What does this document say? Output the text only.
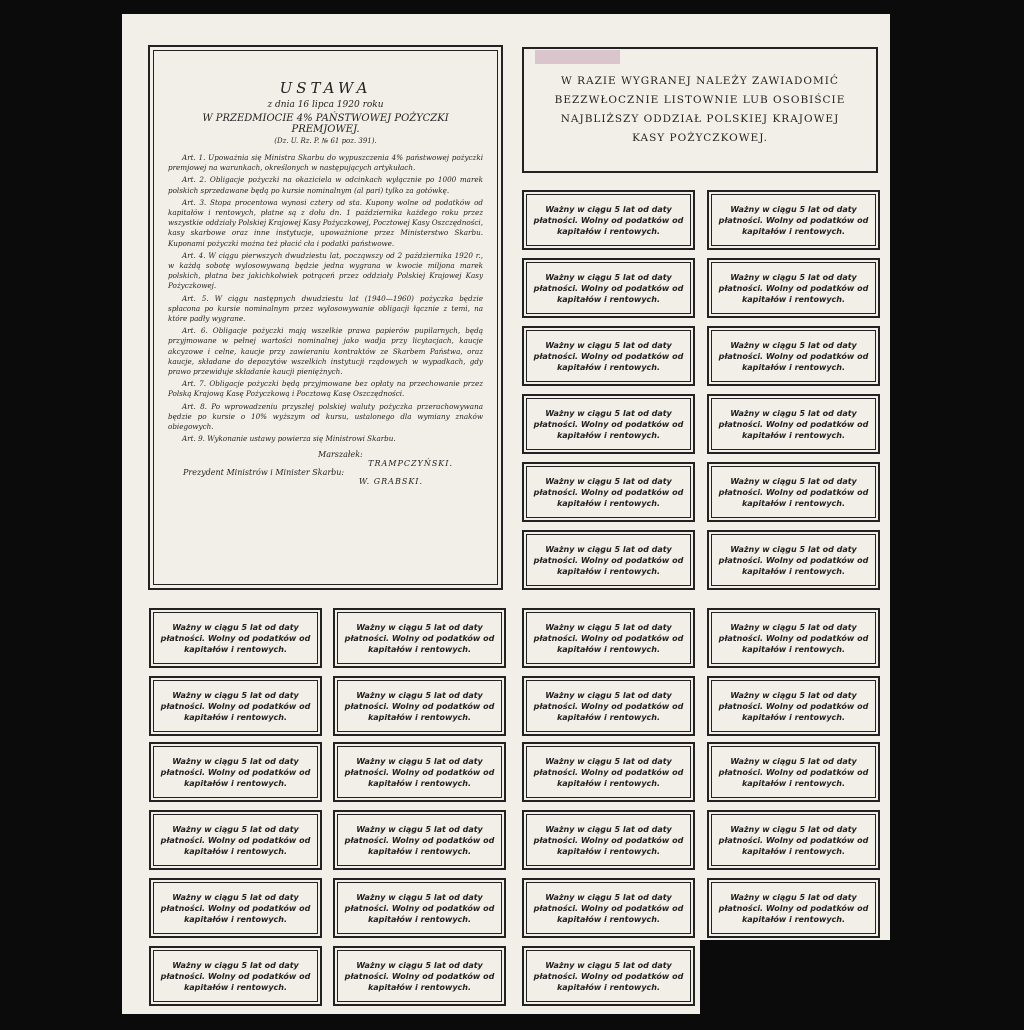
USTAWA
z dnia 16 lipca 1920 roku
W PRZEDMIOCIE 4% PAŃSTWOWEJ POŻYCZKI PREMJOWEJ.
(Dz. U. Rz. P. № 61 poz. 391).

Art. 1. Upoważnia się Ministra Skarbu do wypuszczenia 4% państwowej pożyczki premjowej na warunkach, określonych w następujących artykułach.

Art. 2. Obligacje pożyczki na okaziciela w odcinkach wyłącznie po 1000 marek polskich sprzedawane będą po kursie nominalnym (al pari) tylko za gotówkę.

Art. 3. Stopa procentowa wynosi cztery od sta. Kupony wolne od podatków od kapitałów i rentowych, płatne są z dołu dn. 1 października każdego roku przez wszystkie oddziały Polskiej Krajowej Kasy Pożyczkowej, Pocztowej Kasy Oszczędności, kasy skarbowe oraz inne instytucje, upoważnione przez Ministerstwo Skarbu. Kuponami pożyczki można też płacić cła i podatki państwowe.

Art. 4. W ciągu pierwszych dwudziestu lat, począwszy od 2 października 1920 r., w każdą sobotę wylosowywaną będzie jedna wygrana w kwocie miljona marek polskich, płatna bez jakichkolwiek potrąceń przez oddziały Polskiej Krajowej Kasy Pożyczkowej.

Art. 5. W ciągu następnych dwudziestu lat (1940—1960) pożyczka będzie spłacona po kursie nominalnym przez wylosowywanie obligacji łącznie z temi, na które padły wygrane.

Art. 6. Obligacje pożyczki mają wszelkie prawa papierów pupilarnych, będą przyjmowane w pełnej wartości nominalnej jako wadja przy licytacjach, kaucje akcyzowe i celne, kaucje przy zawieraniu kontraktów ze Skarbem Państwa, oraz kaucje, składane do depozytów wszelkich instytucji rządowych w wypadkach, gdy prawo przewiduje składanie kaucji pieniężnych.

Art. 7. Obligacje pożyczki będą przyjmowane bez opłaty na przechowanie przez Polską Krajową Kasę Pożyczkową i Pocztową Kasę Oszczędności.

Art. 8. Po wprowadzeniu przyszłej polskiej waluty pożyczka przerachowywana będzie po kursie o 10% wyższym od kursu, ustalonego dla wymiany znaków obiegowych.

Art. 9. Wykonanie ustawy powierza się Ministrowi Skarbu.

Marszałek:
TRAMPCZYŃSKI.
Prezydent Ministrów i Minister Skarbu:
W. GRABSKI.
W RAZIE WYGRANEJ NALEŻY ZAWIADOMIĆ
BEZZWŁOCZNIE LISTOWNIE LUB OSOBIŚCIE
NAJBLIŻSZY ODDZIAŁ POLSKIEJ KRAJOWEJ
KASY POŻYCZKOWEJ.
Ważny w ciągu 5 lat od daty płatności. Wolny od podatków od kapitałów i rentowych.
Ważny w ciągu 5 lat od daty płatności. Wolny od podatków od kapitałów i rentowych.
Ważny w ciągu 5 lat od daty płatności. Wolny od podatków od kapitałów i rentowych.
Ważny w ciągu 5 lat od daty płatności. Wolny od podatków od kapitałów i rentowych.
Ważny w ciągu 5 lat od daty płatności. Wolny od podatków od kapitałów i rentowych.
Ważny w ciągu 5 lat od daty płatności. Wolny od podatków od kapitałów i rentowych.
Ważny w ciągu 5 lat od daty płatności. Wolny od podatków od kapitałów i rentowych.
Ważny w ciągu 5 lat od daty płatności. Wolny od podatków od kapitałów i rentowych.
Ważny w ciągu 5 lat od daty płatności. Wolny od podatków od kapitałów i rentowych.
Ważny w ciągu 5 lat od daty płatności. Wolny od podatków od kapitałów i rentowych.
Ważny w ciągu 5 lat od daty płatności. Wolny od podatków od kapitałów i rentowych.
Ważny w ciągu 5 lat od daty płatności. Wolny od podatków od kapitałów i rentowych.
Ważny w ciągu 5 lat od daty płatności. Wolny od podatków od kapitałów i rentowych.
Ważny w ciągu 5 lat od daty płatności. Wolny od podatków od kapitałów i rentowych.
Ważny w ciągu 5 lat od daty płatności. Wolny od podatków od kapitałów i rentowych.
Ważny w ciągu 5 lat od daty płatności. Wolny od podatków od kapitałów i rentowych.
Ważny w ciągu 5 lat od daty płatności. Wolny od podatków od kapitałów i rentowych.
Ważny w ciągu 5 lat od daty płatności. Wolny od podatków od kapitałów i rentowych.
Ważny w ciągu 5 lat od daty płatności. Wolny od podatków od kapitałów i rentowych.
Ważny w ciągu 5 lat od daty płatności. Wolny od podatków od kapitałów i rentowych.
Ważny w ciągu 5 lat od daty płatności. Wolny od podatków od kapitałów i rentowych.
Ważny w ciągu 5 lat od daty płatności. Wolny od podatków od kapitałów i rentowych.
Ważny w ciągu 5 lat od daty płatności. Wolny od podatków od kapitałów i rentowych.
Ważny w ciągu 5 lat od daty płatności. Wolny od podatków od kapitałów i rentowych.
Ważny w ciągu 5 lat od daty płatności. Wolny od podatków od kapitałów i rentowych.
Ważny w ciągu 5 lat od daty płatności. Wolny od podatków od kapitałów i rentowych.
Ważny w ciągu 5 lat od daty płatności. Wolny od podatków od kapitałów i rentowych.
Ważny w ciągu 5 lat od daty płatności. Wolny od podatków od kapitałów i rentowych.
Ważny w ciągu 5 lat od daty płatności. Wolny od podatków od kapitałów i rentowych.
Ważny w ciągu 5 lat od daty płatności. Wolny od podatków od kapitałów i rentowych.
Ważny w ciągu 5 lat od daty płatności. Wolny od podatków od kapitałów i rentowych.
Ważny w ciągu 5 lat od daty płatności. Wolny od podatków od kapitałów i rentowych.
Ważny w ciągu 5 lat od daty płatności. Wolny od podatków od kapitałów i rentowych.
Ważny w ciągu 5 lat od daty płatności. Wolny od podatków od kapitałów i rentowych.
Ważny w ciągu 5 lat od daty płatności. Wolny od podatków od kapitałów i rentowych.
